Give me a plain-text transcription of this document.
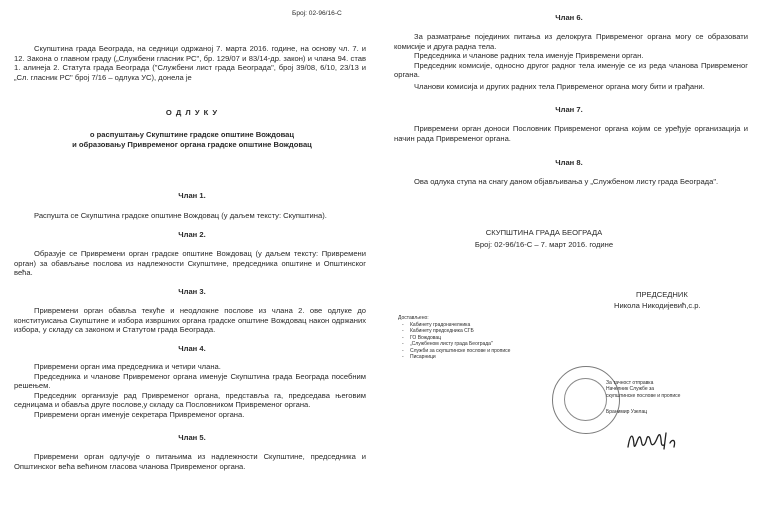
Број: 02-96/16-С

Скупштина града Београда, на седници одржаној 7. марта 2016. године, на основу чл. 7. и 12. Закона о главном граду („Службени гласник РС", бр. 129/07 и 83/14-др. закон) и члана 94. став 1. алинеја 2. Статута града Београда ("Службени лист града Београда", број 39/08, 6/10, 23/13 и „Сл. гласник РС" број 7/16 – одлука УС), донела је

О Д Л У К У

о распуштању Скупштине градске општине Вождовац

и образовању Привременог органа градске општине Вождовац

Члан 1.

Распушта се Скупштина градске општине Вождовац (у даљем тексту: Скупштина).

Члан 2.

Образује се Привремени орган градске општине Вождовац (у даљем тексту: Привремени орган) за обављање послова из надлежности Скупштине, председника општине и Општинског већа.

Члан 3.

Привремени орган обавља текуће и неодложне послове из члана 2. ове одлуке до конституисања Скупштине и избора извршних органа градске општине Вождовац након одржаних избора, у складу са законом и Статутом града Београда.

Члан 4.

Привремени орган има председника и четири члана.

Председника и чланове Привременог органа именује Скупштина града Београда посебним решењем.

Председник организује рад Привременог органа, представља га, председава његовим седницама и обавља друге послове,у складу са Пословником Привременог органа.

Привремени орган именује секретара Привременог органа.

Члан 5.

Привремени орган одлучује о питањима из надлежности Скупштине, председника и Општинског већа већином гласова чланова Привременог органа.

Члан 6.

За разматрање појединих питања из делокруга Привременог органа могу се образовати комисије и друга радна тела.

Председника и чланове радних тела именује Привремени орган.

Председник комисије, односно другог радног тела именује се из реда чланова Привременог органа.

Чланови комисија и других радних тела Привременог органа могу бити и грађани.

Члан 7.

Привремени орган доноси Пословник Привременог органа којим се уређује организација и начин рада Привременог органа.

Члан 8.

Ова одлука ступа на снагу даном објављивања у „Службеном листу града Београда".

СКУПШТИНА ГРАДА БЕОГРАДА

Број: 02-96/16-С – 7. март 2016. године

ПРЕДСЕДНИК

Никола Никодијевић,с.р.

Достављено:

- Кабинету градоначелника
- Кабинету председника СГБ
- ГО Вождовац
- „Службеном листу града Београда"
- Служби за скупштинске послове и прописе
- Писарници

За тачност отправка

Начелник Службе за

скупштинске послове и прописе

Бранимир Узелац
